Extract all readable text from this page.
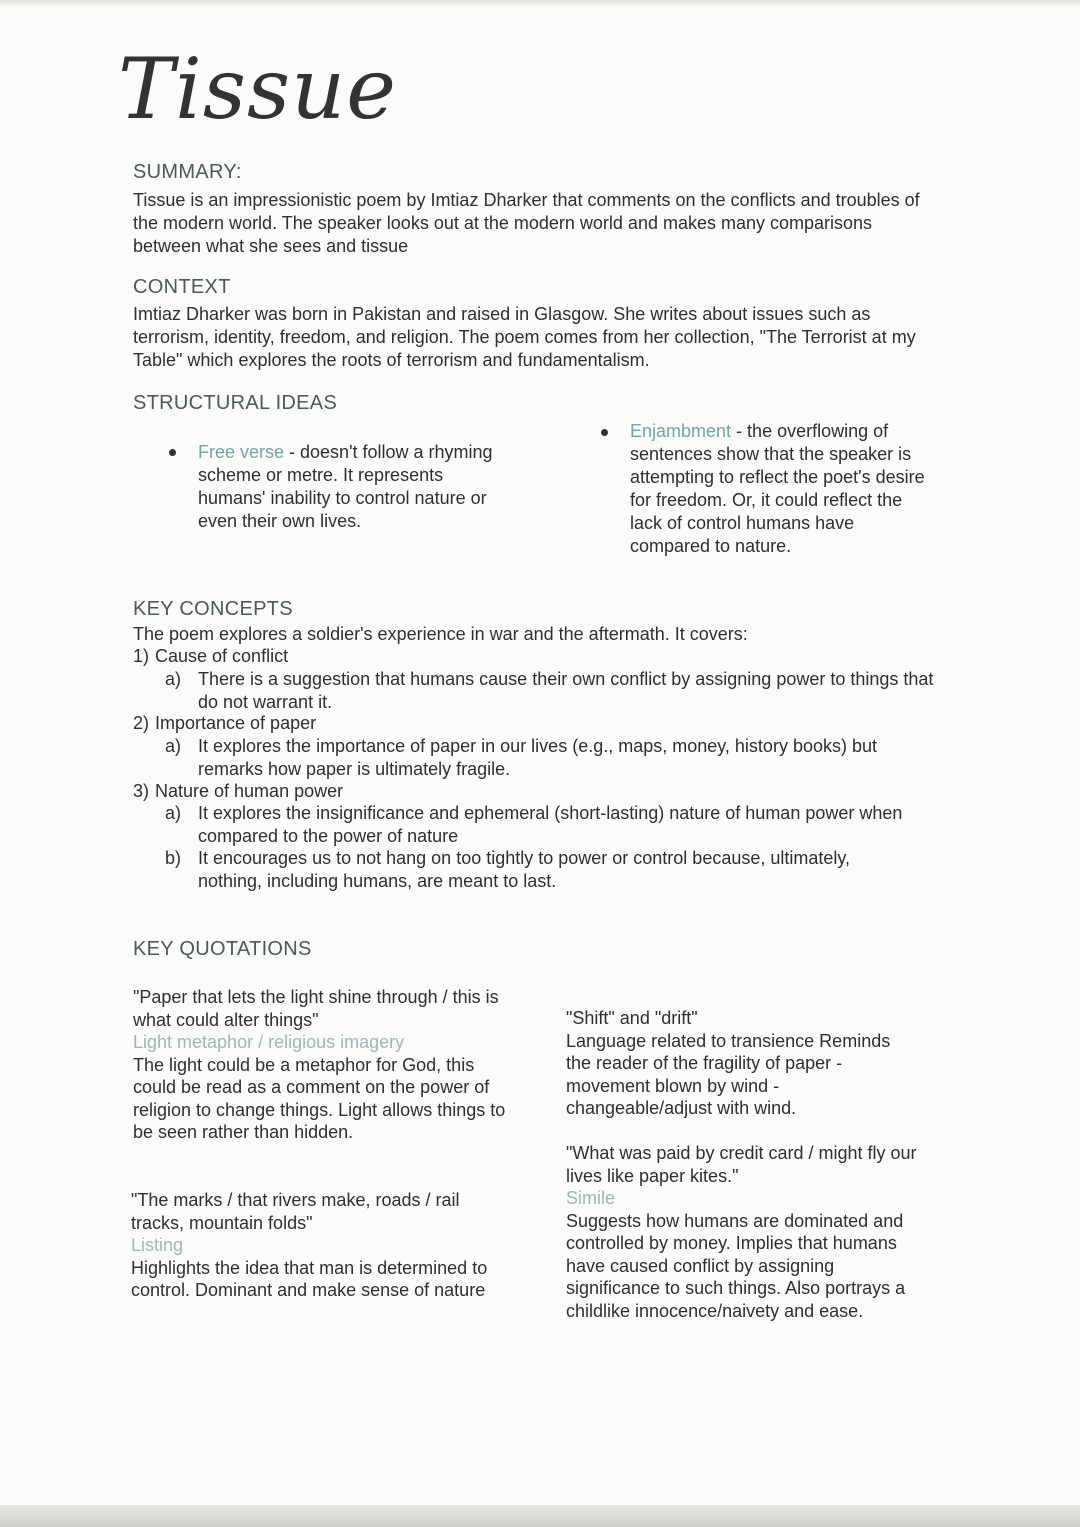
Tissue
SUMMARY:

Tissue is an impressionistic poem by Imtiaz Dharker that comments on the conflicts and troubles of the modern world. The speaker looks out at the modern world and makes many comparisons between what she sees and tissue

CONTEXT

Imtiaz Dharker was born in Pakistan and raised in Glasgow. She writes about issues such as terrorism, identity, freedom, and religion. The poem comes from her collection, "The Terrorist at my Table" which explores the roots of terrorism and fundamentalism.

STRUCTURAL IDEAS
Free verse - doesn't follow a rhyming scheme or metre. It represents humans' inability to control nature or even their own lives.
Enjambment - the overflowing of sentences show that the speaker is attempting to reflect the poet's desire for freedom. Or, it could reflect the lack of control humans have compared to nature.
KEY CONCEPTS
The poem explores a soldier's experience in war and the aftermath. It covers:
1) Cause of conflict
a) There is a suggestion that humans cause their own conflict by assigning power to things that do not warrant it.
2) Importance of paper
a) It explores the importance of paper in our lives (e.g., maps, money, history books) but remarks how paper is ultimately fragile.
3) Nature of human power
a) It explores the insignificance and ephemeral (short-lasting) nature of human power when compared to the power of nature
b) It encourages us to not hang on too tightly to power or control because, ultimately, nothing, including humans, are meant to last.
KEY QUOTATIONS

"Paper that lets the light shine through / this is what could alter things"

Light metaphor / religious imagery

The light could be a metaphor for God, this could be read as a comment on the power of religion to change things. Light allows things to be seen rather than hidden.

"The marks / that rivers make, roads / rail tracks, mountain folds"

Listing

Highlights the idea that man is determined to control. Dominant and make sense of nature

"Shift" and "drift"

Language related to transience Reminds the reader of the fragility of paper - movement blown by wind - changeable/adjust with wind.

"What was paid by credit card / might fly our lives like paper kites."

Simile

Suggests how humans are dominated and controlled by money. Implies that humans have caused conflict by assigning significance to such things. Also portrays a childlike innocence/naivety and ease.
